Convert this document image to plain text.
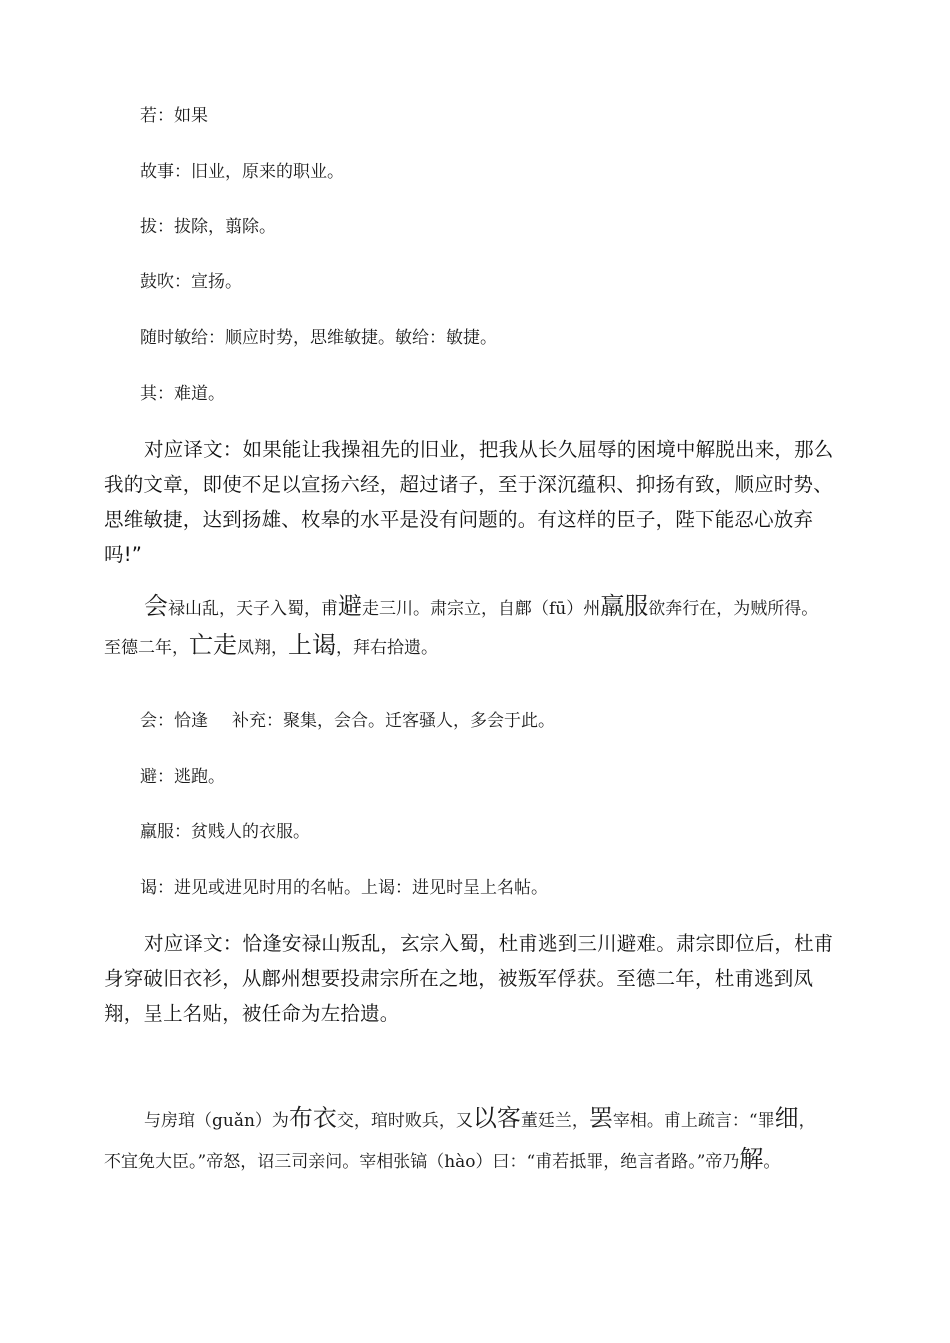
若：如果
故事：旧业，原来的职业。
拔：拔除，翦除。
鼓吹：宣扬。
随时敏给：顺应时势，思维敏捷。敏给：敏捷。
其：难道。
对应译文：如果能让我操祖先的旧业，把我从长久屈辱的困境中解脱出来，那么我的文章，即使不足以宣扬六经，超过诸子，至于深沉蕴积、抑扬有致，顺应时势、思维敏捷，达到扬雄、枚皋的水平是没有问题的。有这样的臣子，陛下能忍心放弃吗!”
会禄山乱，天子入蜀，甫避走三川。肃宗立，自鄜（fū）州羸服欲奔行在，为贼所得。
至德二年，亡走凤翔，上谒，拜右拾遗。
会：恰逢 补充：聚集，会合。迁客骚人，多会于此。
避：逃跑。
羸服：贫贱人的衣服。
谒：进见或进见时用的名帖。上谒：进见时呈上名帖。
对应译文：恰逢安禄山叛乱，玄宗入蜀，杜甫逃到三川避难。肃宗即位后，杜甫身穿破旧衣衫，从鄜州想要投肃宗所在之地，被叛军俘获。至德二年，杜甫逃到凤翔，呈上名贴，被任命为左拾遗。
与房琯（guǎn）为布衣交，琯时败兵，又以客董廷兰，罢宰相。甫上疏言：“罪细，
不宜免大臣。”帝怒，诏三司亲问。宰相张镐（hào）曰：“甫若抵罪，绝言者路。”帝乃解。
